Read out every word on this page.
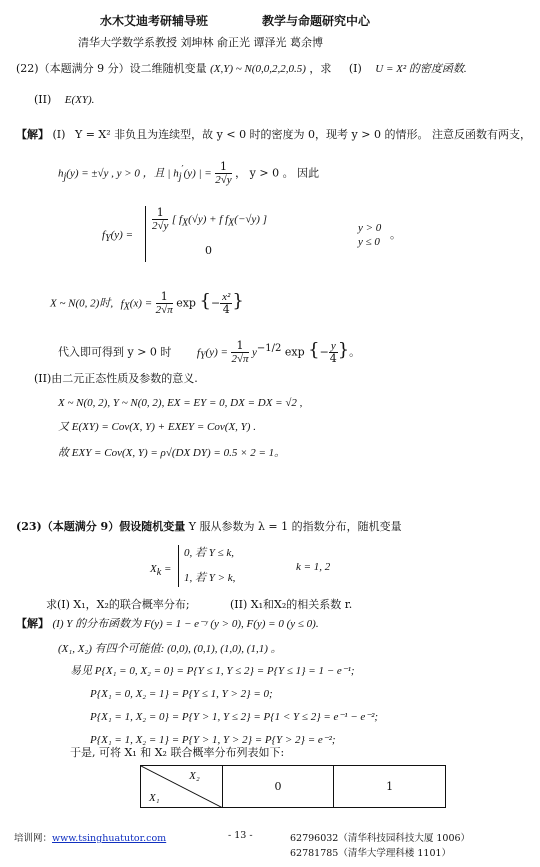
水木艾迪考研辅导班	教学与命题研究中心
清华大学数学系教授 刘坤林 俞正光 谭泽光 葛余博
(22)（本题满分 9 分）设二维随机变量 (X,Y) ~ N(0,0,2,2,0.5) ，求 (I) U = X² 的密度函数.
(II) E(XY).
【解】 (I) Y = X² 非负且为连续型，故 y < 0 时的密度为 0，现考 y > 0 的情形。 注意反函数有两支，
$h_j(y) = \pm√y$ , y > 0 ，且 | $h_j'(y)$ | = $\frac{1}{2√y}$ ， y > 0 。 因此
$f_Y(y)$ =
$\frac{1}{2√y}$ [ $f_X(√y) + f$ $f_X(-√y)$ ]
0
y > 0
y ≤ 0
。
X ~ N(0, 2)时, $f_X(x) = \frac{1}{2√\pi}$ exp {− $\frac{\text{x²}}{4}$ }
代入即可得到 y > 0 时 $f_Y(y) = \frac{1}{2√\pi} y^{-1/2}$ exp {− $\frac{y}{4}$ }。
(II)由二元正态性质及参数的意义.
X ~ N(0, 2), Y ~ N(0, 2), EX = EY = 0, DX = DX = √2 ,
又 E(XY) = Cov(X, Y) + EXEY = Cov(X, Y) .
故 EXY = Cov(X, Y) = ρ√(DX DY) = 0.5 × 2 = 1。
(23)（本题满分 9）假设随机变量 Y 服从参数为 λ = 1 的指数分布，随机变量
$X_k$ =
0, 若 Y ≤ k,
1, 若 Y > k,
k = 1, 2
求(I) X₁，X₂的联合概率分布;	(II) X₁和X₂的相关系数 r.
【解】 (I) Y 的分布函数为 F(y) = 1 − e⁻ʸ (y > 0), F(y) = 0 (y ≤ 0).
(X₁, X₂) 有四个可能值: (0,0), (0,1), (1,0), (1,1) 。
易见 P{X₁ = 0, X₂ = 0} = P{Y ≤ 1, Y ≤ 2} = P{Y ≤ 1} = 1 − e⁻¹;
P{X₁ = 0, X₂ = 1} = P{Y ≤ 1, Y > 2} = 0;
P{X₁ = 1, X₂ = 0} = P{Y > 1, Y ≤ 2} = P{1 < Y ≤ 2} = e⁻¹ − e⁻²;
P{X₁ = 1, X₂ = 1} = P{Y > 1, Y > 2} = P{Y > 2} = e⁻²;
于是, 可将 X₁ 和 X₂ 联合概率分布列表如下:
X₂
X₁
	0	1
培训网：www.tsinghuatutor.com	- 13 -	62796032（清华科技园科技大厦 1006）
62781785（清华大学理科楼 1101）
